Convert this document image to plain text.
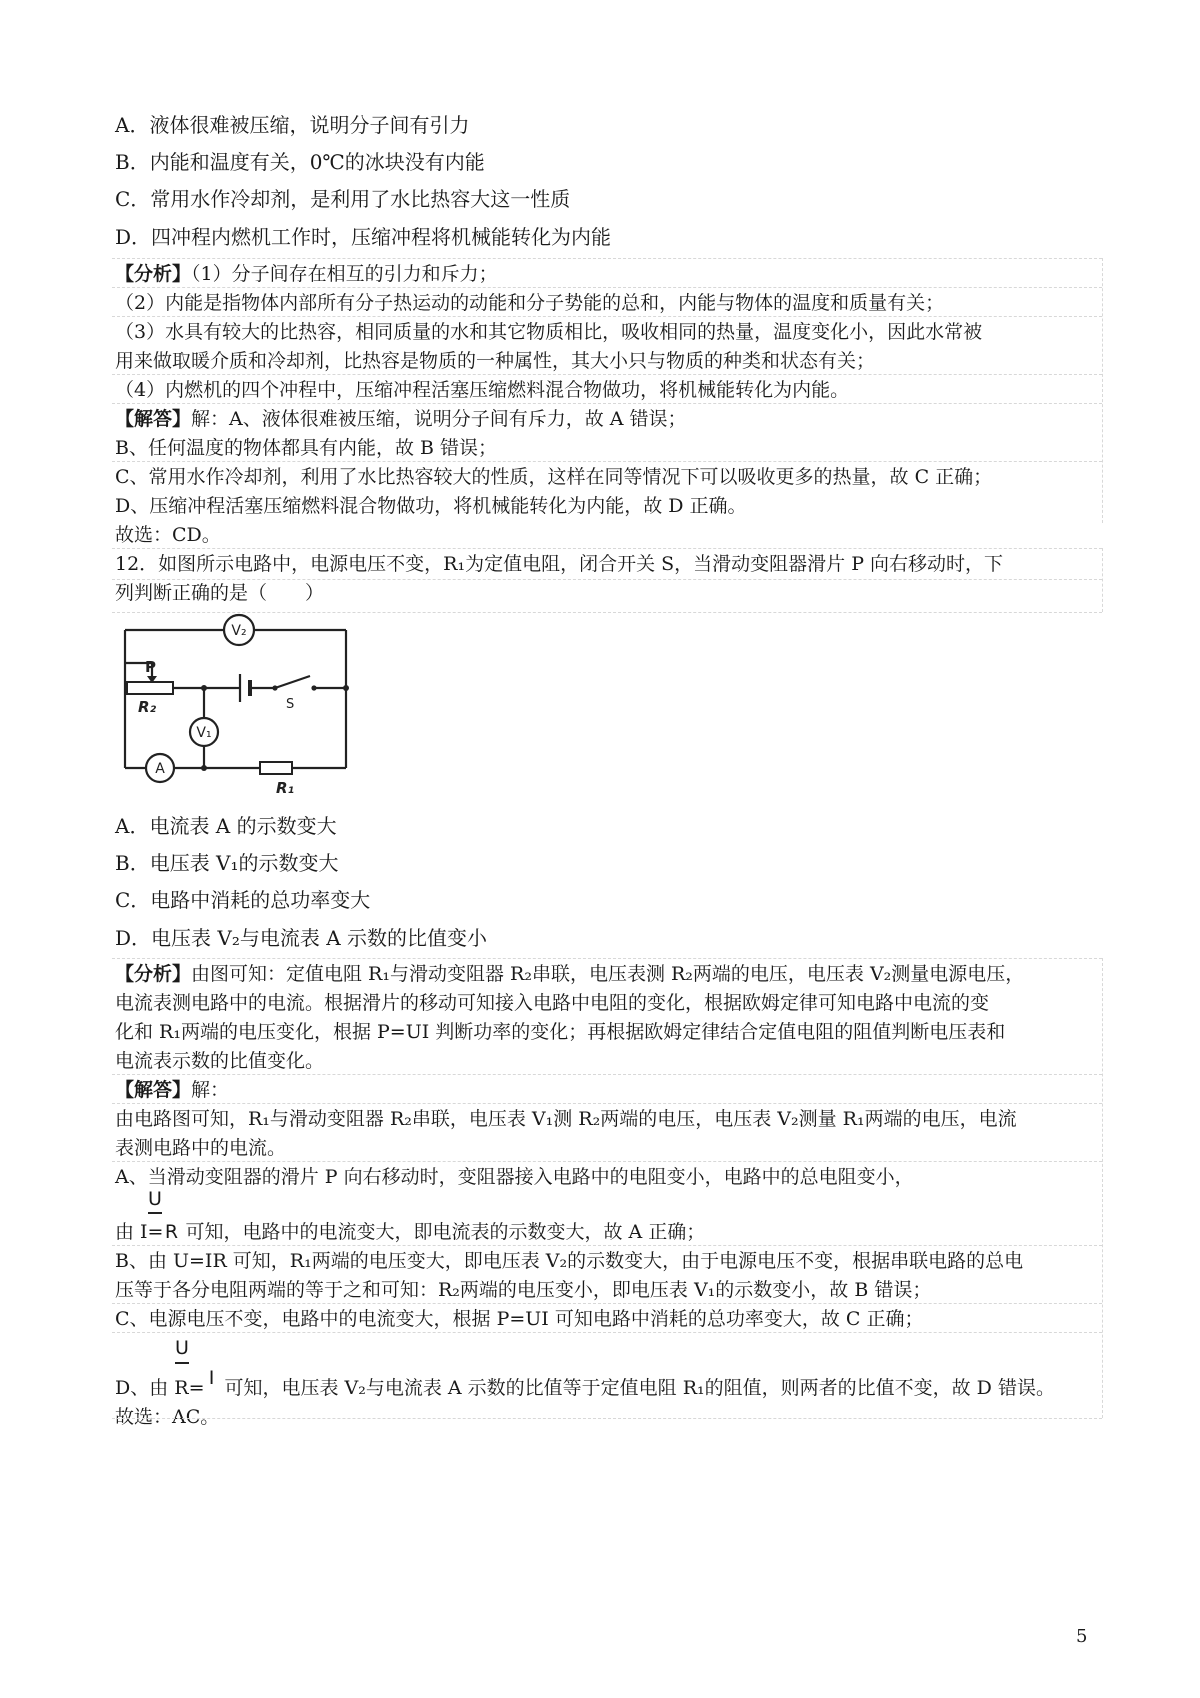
A．液体很难被压缩，说明分子间有引力
B．内能和温度有关，0℃的冰块没有内能
C．常用水作冷却剂，是利用了水比热容大这一性质
D．四冲程内燃机工作时，压缩冲程将机械能转化为内能
【分析】（1）分子间存在相互的引力和斥力；
（2）内能是指物体内部所有分子热运动的动能和分子势能的总和，内能与物体的温度和质量有关；
（3）水具有较大的比热容，相同质量的水和其它物质相比，吸收相同的热量，温度变化小，因此水常被
用来做取暖介质和冷却剂，比热容是物质的一种属性，其大小只与物质的种类和状态有关；
（4）内燃机的四个冲程中，压缩冲程活塞压缩燃料混合物做功，将机械能转化为内能。
【解答】解：A、液体很难被压缩，说明分子间有斥力，故 A 错误；
B、任何温度的物体都具有内能，故 B 错误；
C、常用水作冷却剂，利用了水比热容较大的性质，这样在同等情况下可以吸收更多的热量，故 C 正确；
D、压缩冲程活塞压缩燃料混合物做功，将机械能转化为内能，故 D 正确。
故选：CD。
12．如图所示电路中，电源电压不变，R₁为定值电阻，闭合开关 S，当滑动变阻器滑片 P 向右移动时，下
列判断正确的是（　　）
V₂
V₁
A
P
R₂
R₁
S
A．电流表 A 的示数变大
B．电压表 V₁的示数变大
C．电路中消耗的总功率变大
D．电压表 V₂与电流表 A 示数的比值变小
【分析】由图可知：定值电阻 R₁与滑动变阻器 R₂串联，电压表测 R₂两端的电压，电压表 V₂测量电源电压，
电流表测电路中的电流。根据滑片的移动可知接入电路中电阻的变化，根据欧姆定律可知电路中电流的变
化和 R₁两端的电压变化，根据 P=UI 判断功率的变化；再根据欧姆定律结合定值电阻的阻值判断电压表和
电流表示数的比值变化。
【解答】解：
由电路图可知，R₁与滑动变阻器 R₂串联，电压表 V₁测 R₂两端的电压，电压表 V₂测量 R₁两端的电压，电流
表测电路中的电流。
A、当滑动变阻器的滑片 P 向右移动时，变阻器接入电路中的电阻变小，电路中的总电阻变小，
U
由 I=R 可知，电路中的电流变大，即电流表的示数变大，故 A 正确；
B、由 U=IR 可知，R₁两端的电压变大，即电压表 V₂的示数变大，由于电源电压不变，根据串联电路的总电
压等于各分电阻两端的等于之和可知：R₂两端的电压变小，即电压表 V₁的示数变小，故 B 错误；
C、电源电压不变，电路中的电流变大，根据 P=UI 可知电路中消耗的总功率变大，故 C 正确；
U
D、由 R= I 可知，电压表 V₂与电流表 A 示数的比值等于定值电阻 R₁的阻值，则两者的比值不变，故 D 错误。
故选：AC。
5
